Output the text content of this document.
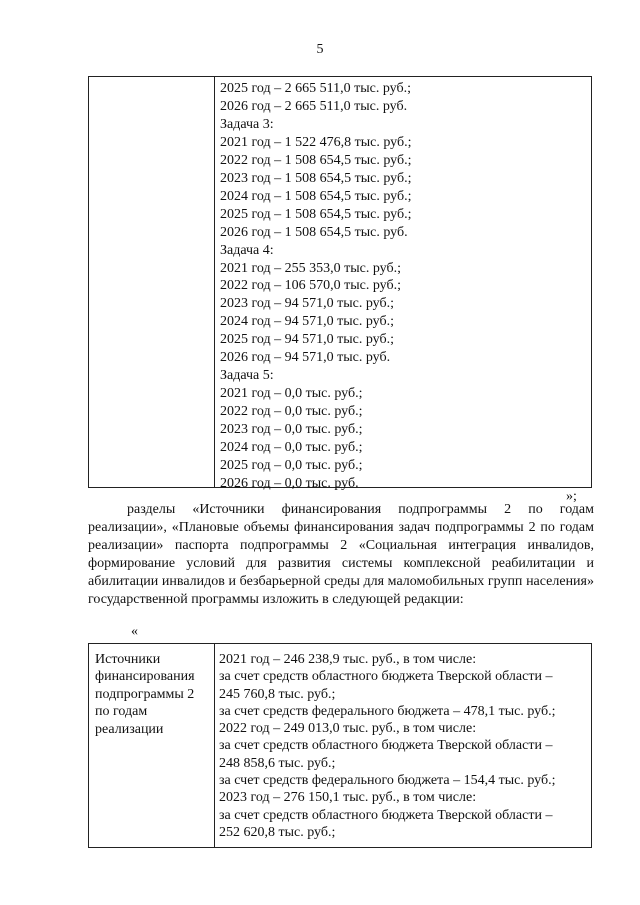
5
2025 год – 2 665 511,0 тыс. руб.;
2026 год – 2 665 511,0 тыс. руб.
Задача 3:
2021 год – 1 522 476,8 тыс. руб.;
2022 год – 1 508 654,5 тыс. руб.;
2023 год – 1 508 654,5 тыс. руб.;
2024 год – 1 508 654,5 тыс. руб.;
2025 год – 1 508 654,5 тыс. руб.;
2026 год – 1 508 654,5 тыс. руб.
Задача 4:
2021 год – 255 353,0 тыс. руб.;
2022 год – 106 570,0 тыс. руб.;
2023 год – 94 571,0 тыс. руб.;
2024 год – 94 571,0 тыс. руб.;
2025 год – 94 571,0 тыс. руб.;
2026 год – 94 571,0 тыс. руб.
Задача 5:
2021 год – 0,0 тыс. руб.;
2022 год – 0,0 тыс. руб.;
2023 год – 0,0 тыс. руб.;
2024 год – 0,0 тыс. руб.;
2025 год – 0,0 тыс. руб.;
2026 год – 0,0 тыс. руб.
»;

разделы «Источники финансирования подпрограммы 2 по годам реализации», «Плановые объемы финансирования задач подпрограммы 2 по годам реализации» паспорта подпрограммы 2 «Социальная интеграция инвалидов, формирование условий для развития системы комплексной реабилитации и абилитации инвалидов и безбарьерной среды для маломобильных групп населения» государственной программы изложить в следующей редакции:

«
Источники
финансирования
подпрограммы 2
по годам
реализации
2021 год – 246 238,9 тыс. руб., в том числе:
за счет средств областного бюджета Тверской области –
245 760,8 тыс. руб.;
за счет средств федерального бюджета – 478,1 тыс. руб.;
2022 год – 249 013,0 тыс. руб., в том числе:
за счет средств областного бюджета Тверской области –
248 858,6 тыс. руб.;
за счет средств федерального бюджета – 154,4 тыс. руб.;
2023 год – 276 150,1 тыс. руб., в том числе:
за счет средств областного бюджета Тверской области –
252 620,8 тыс. руб.;
